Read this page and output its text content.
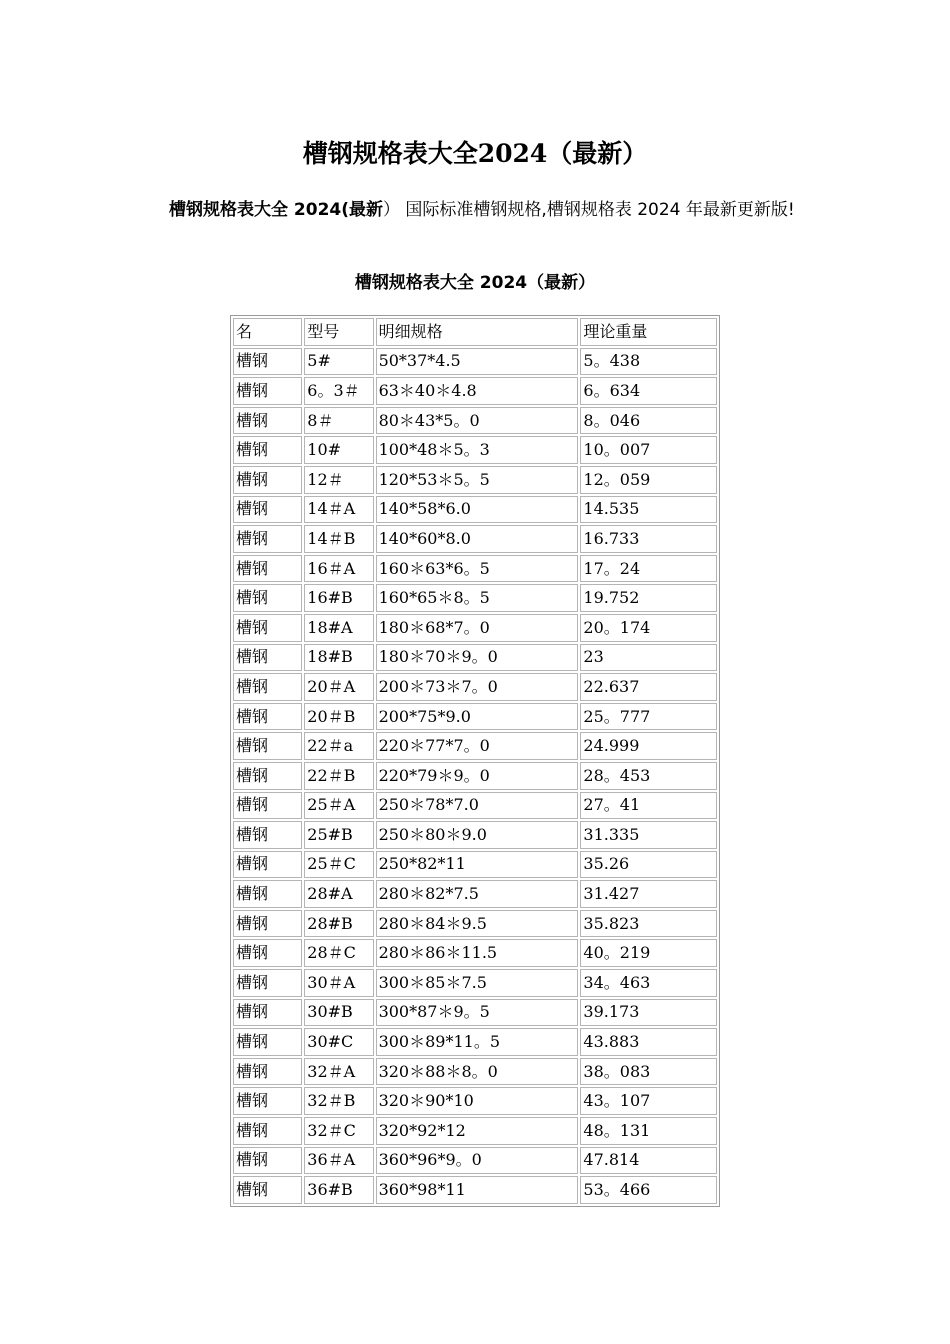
槽钢规格表大全2024（最新）
槽钢规格表大全 2024(最新） 国际标准槽钢规格,槽钢规格表 2024 年最新更新版!
槽钢规格表大全 2024（最新）
名	型号	明细规格	理论重量
槽钢	5#	50*37*4.5	5。438
槽钢	6。3＃	63＊40＊4.8	6。634
槽钢	8＃	80＊43*5。0	8。046
槽钢	10#	100*48＊5。3	10。007
槽钢	12＃	120*53＊5。5	12。059
槽钢	14＃A	140*58*6.0	14.535
槽钢	14＃B	140*60*8.0	16.733
槽钢	16＃A	160＊63*6。5	17。24
槽钢	16#B	160*65＊8。5	19.752
槽钢	18#A	180＊68*7。0	20。174
槽钢	18#B	180＊70＊9。0	23
槽钢	20＃A	200＊73＊7。0	22.637
槽钢	20＃B	200*75*9.0	25。777
槽钢	22＃a	220＊77*7。0	24.999
槽钢	22＃B	220*79＊9。0	28。453
槽钢	25＃A	250＊78*7.0	27。41
槽钢	25#B	250＊80＊9.0	31.335
槽钢	25＃C	250*82*11	35.26
槽钢	28#A	280＊82*7.5	31.427
槽钢	28#B	280＊84＊9.5	35.823
槽钢	28＃C	280＊86＊11.5	40。219
槽钢	30＃A	300＊85＊7.5	34。463
槽钢	30#B	300*87＊9。5	39.173
槽钢	30#C	300＊89*11。5	43.883
槽钢	32＃A	320＊88＊8。0	38。083
槽钢	32＃B	320＊90*10	43。107
槽钢	32＃C	320*92*12	48。131
槽钢	36＃A	360*96*9。0	47.814
槽钢	36#B	360*98*11	53。466
